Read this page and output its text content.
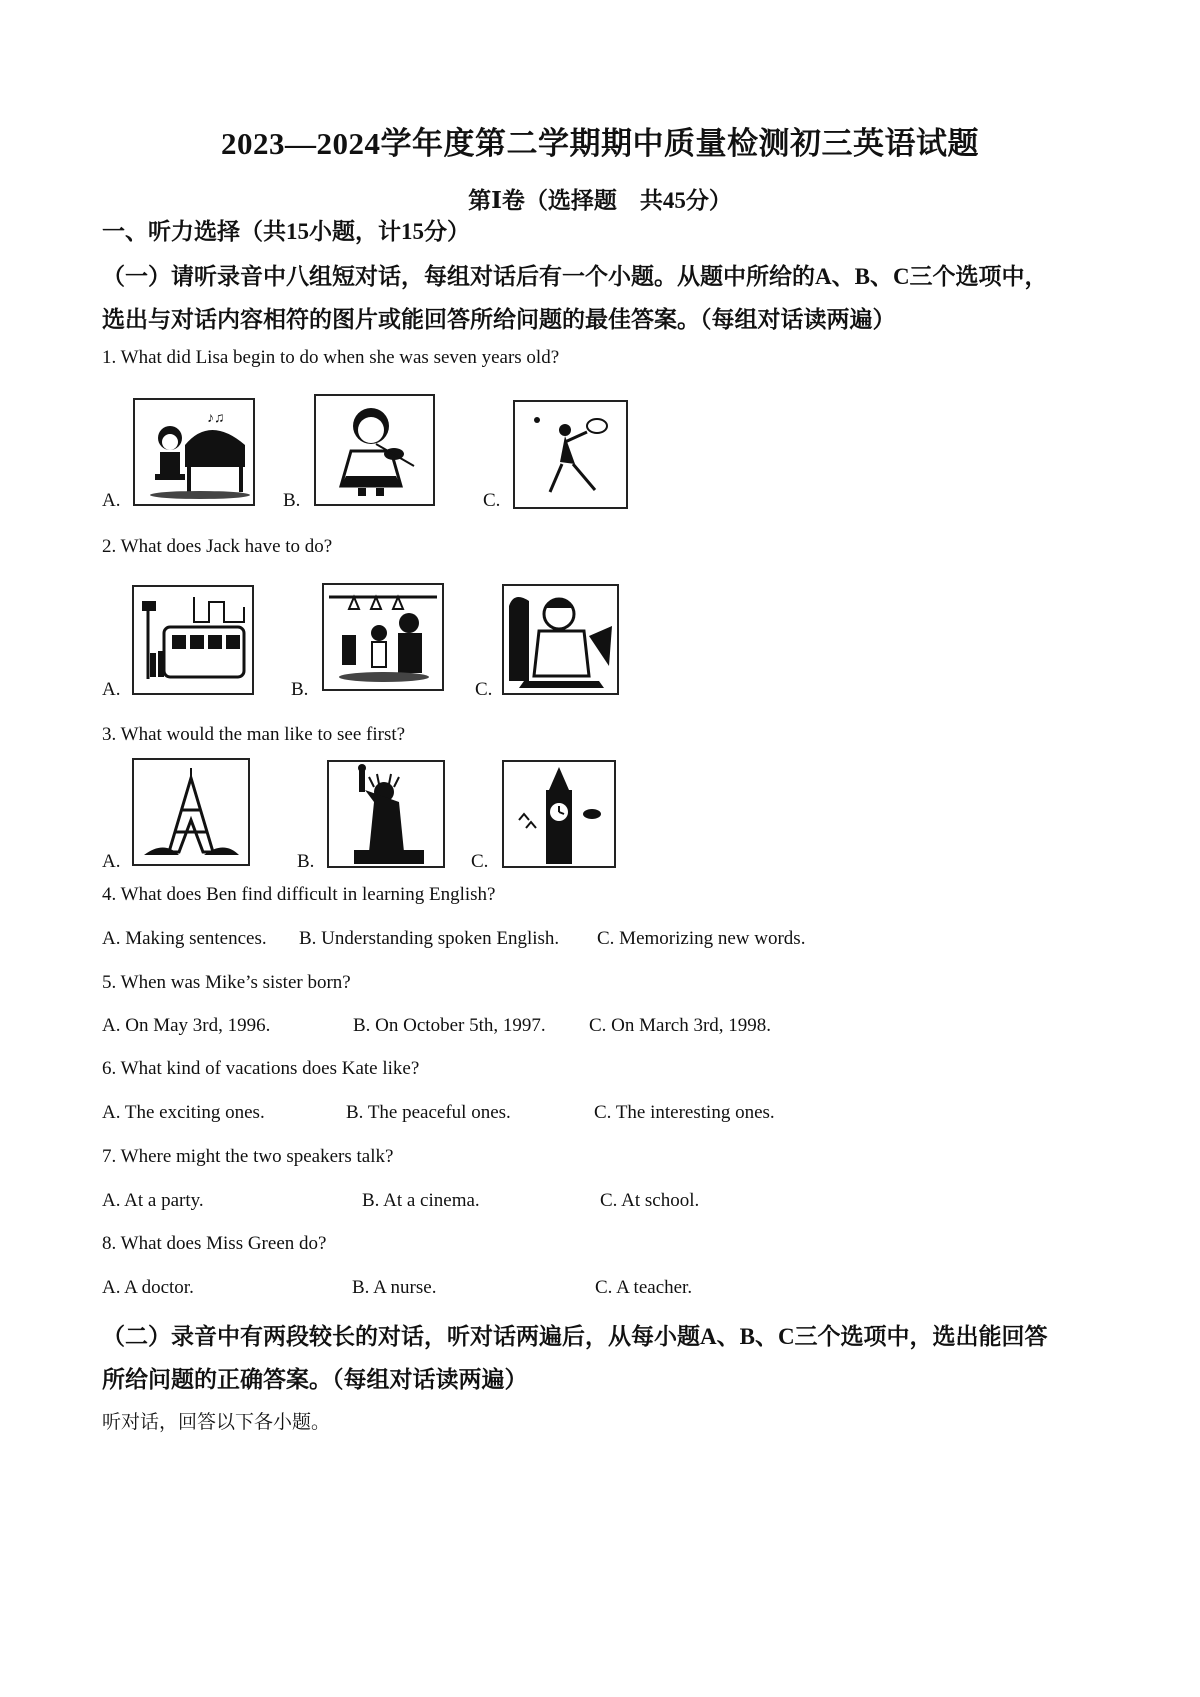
2023—2024学年度第二学期期中质量检测初三英语试题
第Ⅰ卷（选择题　共45分）
一、听力选择（共15小题，计15分）
（一）请听录音中八组短对话，每组对话后有一个小题。从题中所给的A、B、C三个选项中，
选出与对话内容相符的图片或能回答所给问题的最佳答案。（每组对话读两遍）
1. What did Lisa begin to do when she was seven years old?
A.
♪♫
B.	C.
2. What does Jack have to do?
A.	B.	C.
3. What would the man like to see first?
A.	B.	C.
4. What does Ben find difficult in learning English?
A. Making sentences. B. Understanding spoken English. C. Memorizing new words.
5. When was Mike’s sister born?
A. On May 3rd, 1996.	B. On October 5th, 1997. C. On March 3rd, 1998.
6. What kind of vacations does Kate like?
A. The exciting ones.	B. The peaceful ones.	C. The interesting ones.
7. Where might the two speakers talk?
A. At a party.	B. At a cinema.	C. At school.
8. What does Miss Green do?
A. A doctor.	B. A nurse.	C. A teacher.
（二）录音中有两段较长的对话，听对话两遍后，从每小题A、B、C三个选项中，选出能回答
所给问题的正确答案。（每组对话读两遍）
听对话，回答以下各小题。
